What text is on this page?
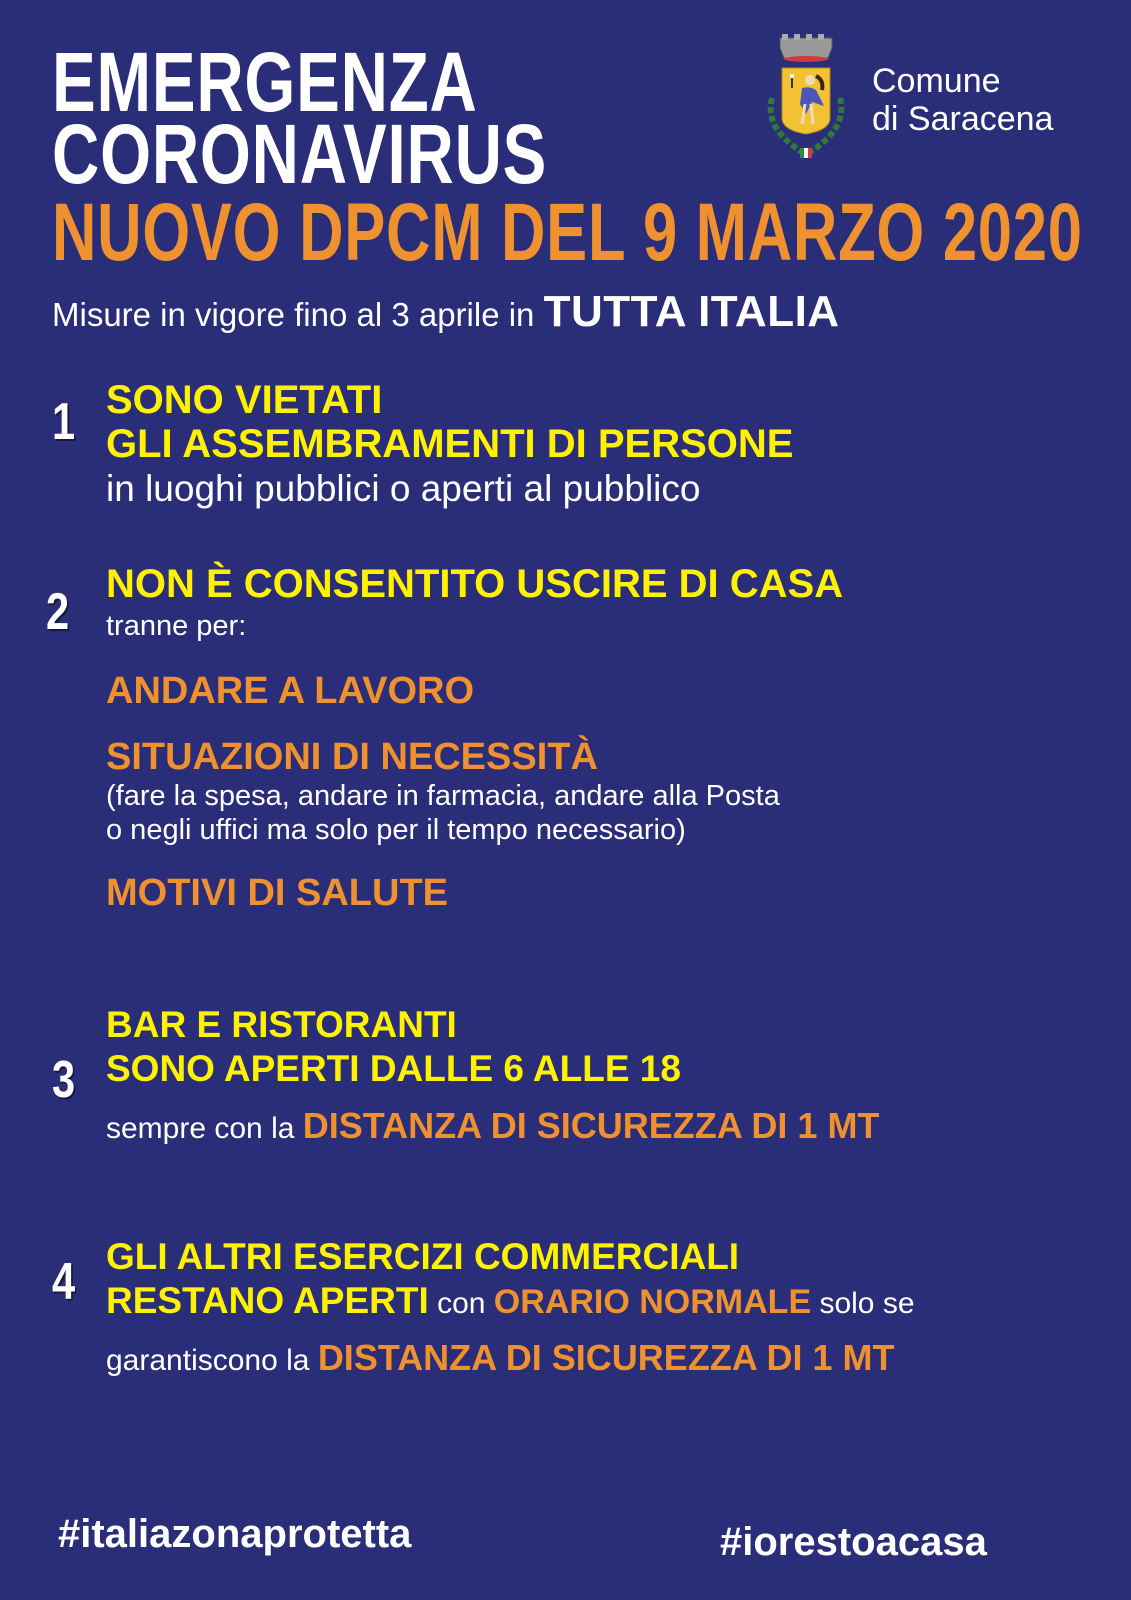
EMERGENZA
CORONAVIRUS
NUOVO DPCM DEL 9 MARZO 2020
Misure in vigore fino al 3 aprile in TUTTA ITALIA
Comune
di Saracena
1 SONO VIETATI
GLI ASSEMBRAMENTI DI PERSONE
in luoghi pubblici o aperti al pubblico
2 NON È CONSENTITO USCIRE DI CASA
tranne per:
ANDARE A LAVORO
SITUAZIONI DI NECESSITÀ
(fare la spesa, andare in farmacia, andare alla Posta
o negli uffici ma solo per il tempo necessario)
MOTIVI DI SALUTE
3
BAR E RISTORANTI
SONO APERTI DALLE 6 ALLE 18
sempre con la DISTANZA DI SICUREZZA DI 1 MT
4 GLI ALTRI ESERCIZI COMMERCIALI
RESTANO APERTI con ORARIO NORMALE solo se
garantiscono la DISTANZA DI SICUREZZA DI 1 MT
#italiazonaprotetta	#iorestoacasa
